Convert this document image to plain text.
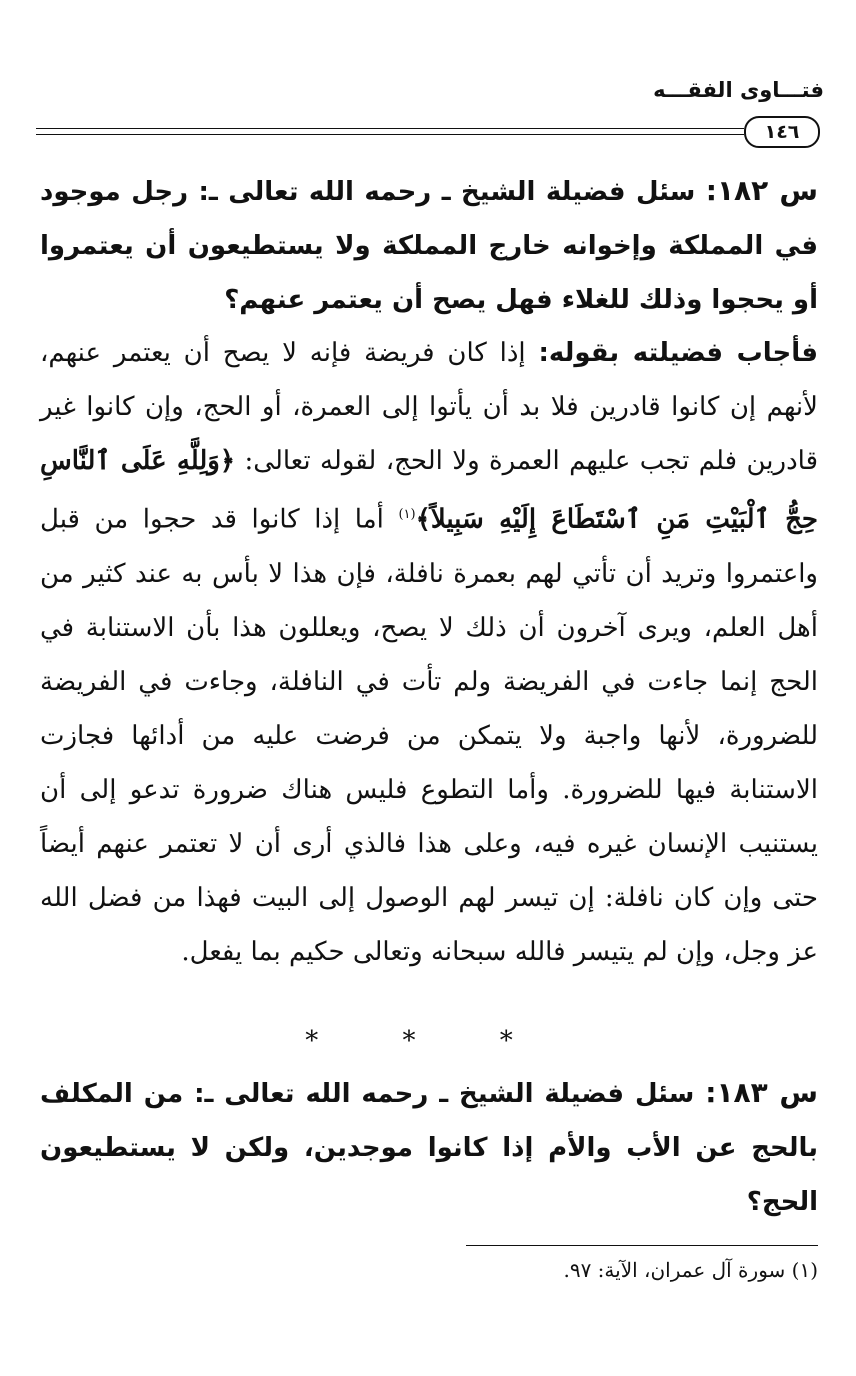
فتـــاوى الفقـــه
١٤٦
س ١٨٢: سئل فضيلة الشيخ ـ رحمه الله تعالى ـ: رجل موجود في المملكة وإخوانه خارج المملكة ولا يستطيعون أن يعتمروا أو يحجوا وذلك للغلاء فهل يصح أن يعتمر عنهم؟
فأجاب فضيلته بقوله: إذا كان فريضة فإنه لا يصح أن يعتمر عنهم، لأنهم إن كانوا قادرين فلا بد أن يأتوا إلى العمرة، أو الحج، وإن كانوا غير قادرين فلم تجب عليهم العمرة ولا الحج، لقوله تعالى: ﴿وَلِلَّهِ عَلَى ٱلنَّاسِ حِجُّ ٱلْبَيْتِ مَنِ ٱسْتَطَاعَ إِلَيْهِ سَبِيلاً﴾$^{(١)}$ أما إذا كانوا قد حجوا من قبل واعتمروا وتريد أن تأتي لهم بعمرة نافلة، فإن هذا لا بأس به عند كثير من أهل العلم، ويرى آخرون أن ذلك لا يصح، ويعللون هذا بأن الاستنابة في الحج إنما جاءت في الفريضة ولم تأت في النافلة، وجاءت في الفريضة للضرورة، لأنها واجبة ولا يتمكن من فرضت عليه من أدائها فجازت الاستنابة فيها للضرورة. وأما التطوع فليس هناك ضرورة تدعو إلى أن يستنيب الإنسان غيره فيه، وعلى هذا فالذي أرى أن لا تعتمر عنهم أيضاً حتى وإن كان نافلة: إن تيسر لهم الوصول إلى البيت فهذا من فضل الله عز وجل، وإن لم يتيسر فالله سبحانه وتعالى حكيم بما يفعل.
* * *
س ١٨٣: سئل فضيلة الشيخ ـ رحمه الله تعالى ـ: من المكلف بالحج عن الأب والأم إذا كانوا موجدين، ولكن لا يستطيعون الحج؟
(١) سورة آل عمران، الآية: ٩٧.
